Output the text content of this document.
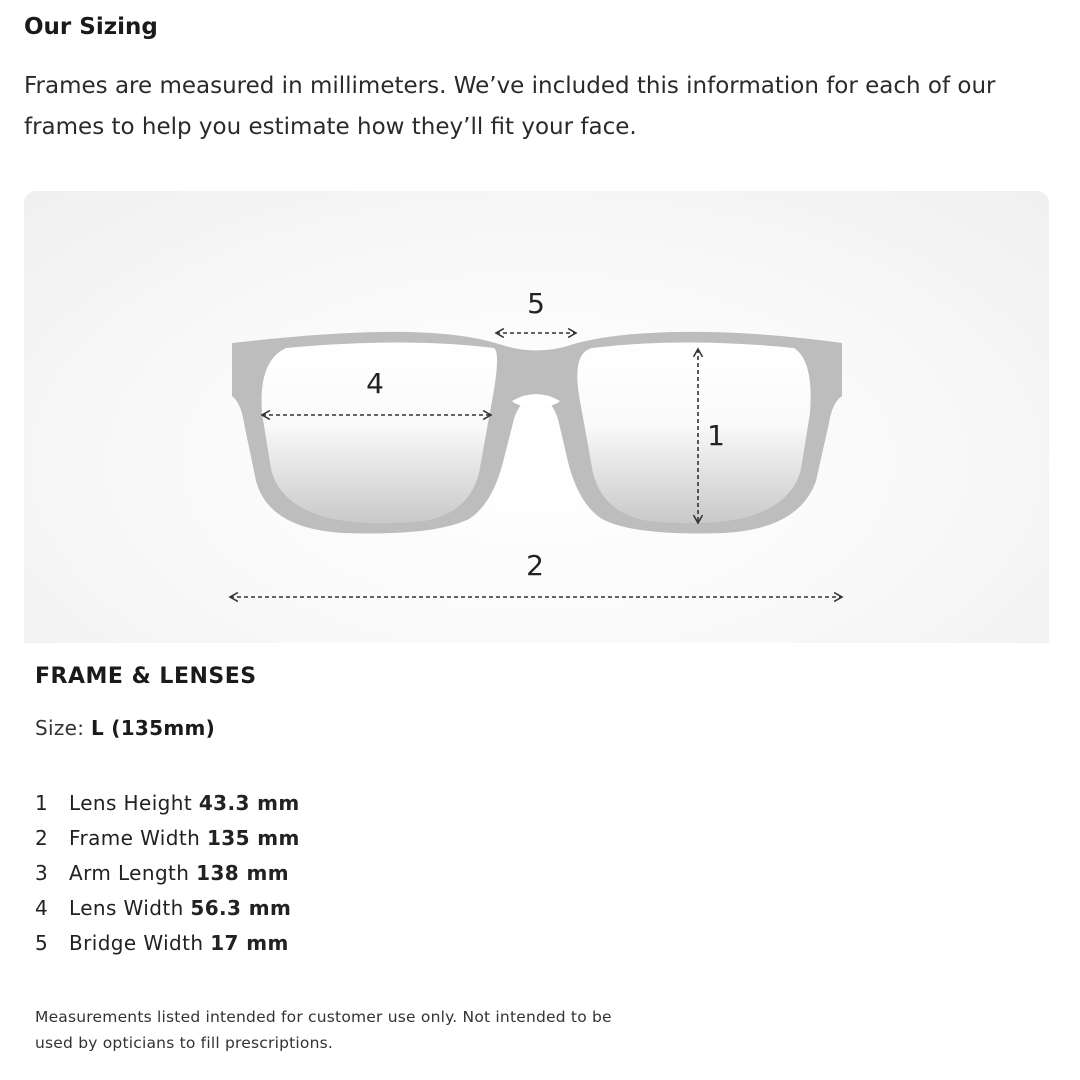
Our Sizing

Frames are measured in millimeters. We’ve included this information for each of our frames to help you estimate how they’ll fit your face.

5
4
1
2
FRAME & LENSES
Size: L (135mm)
1 Lens Height 43.3 mm
2 Frame Width 135 mm
3 Arm Length 138 mm
4 Lens Width 56.3 mm
5 Bridge Width 17 mm

Measurements listed intended for customer use only. Not intended to be used by opticians to fill prescriptions.
